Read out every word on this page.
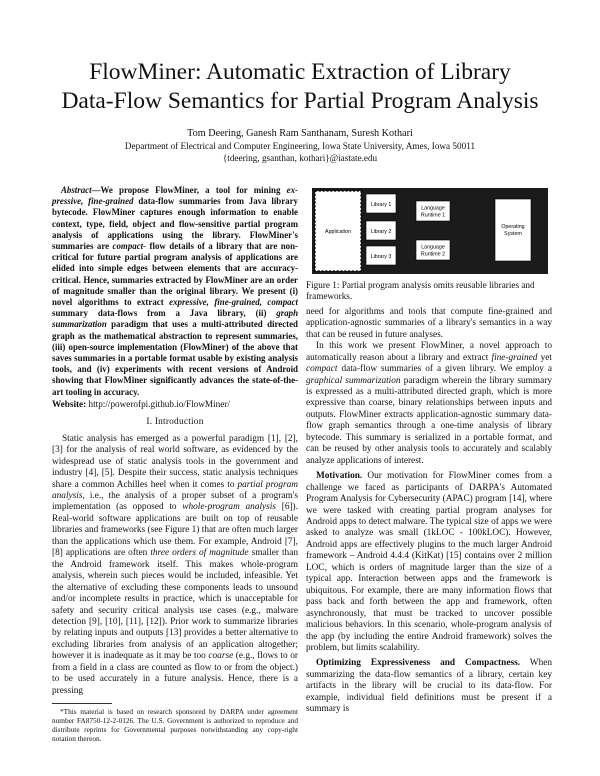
FlowMiner: Automatic Extraction of Library
Data-Flow Semantics for Partial Program Analysis
Tom Deering, Ganesh Ram Santhanam, Suresh Kothari
Department of Electrical and Computer Engineering, Iowa State University, Ames, Iowa 50011
{tdeering, gsanthan, kothari}@iastate.edu

Abstract—We propose FlowMiner, a tool for mining ex-pressive, fine-grained data-flow summaries from Java library bytecode. FlowMiner captures enough information to enable context, type, field, object and flow-sensitive partial program analysis of applications using the library. FlowMiner's summaries are compact- flow details of a library that are non-critical for future partial program analysis of applications are elided into simple edges between elements that are accuracy-critical. Hence, summaries extracted by FlowMiner are an order of magnitude smaller than the original library. We present (i) novel algorithms to extract expressive, fine-grained, compact summary data-flows from a Java library, (ii) graph summarization paradigm that uses a multi-attributed directed graph as the mathematical abstraction to represent summaries, (iii) open-source implementation (FlowMiner) of the above that saves summaries in a portable format usable by existing analysis tools, and (iv) experiments with recent versions of Android showing that FlowMiner significantly advances the state-of-the-art tooling in accuracy.

Website: http://powerofpi.github.io/FlowMiner/

I. Introduction

Static analysis has emerged as a powerful paradigm [1], [2], [3] for the analysis of real world software, as evidenced by the widespread use of static analysis tools in the government and industry [4], [5]. Despite their success, static analysis techniques share a common Achilles heel when it comes to partial program analysis, i.e., the analysis of a proper subset of a program's implementation (as opposed to whole-program analysis [6]). Real-world software applications are built on top of reusable libraries and frameworks (see Figure 1) that are often much larger than the applications which use them. For example, Android [7], [8] applications are often three orders of magnitude smaller than the Android framework itself. This makes whole-program analysis, wherein such pieces would be included, infeasible. Yet the alternative of excluding these components leads to unsound and/or incomplete results in practice, which is unacceptable for safety and security critical analysis use cases (e.g., malware detection [9], [10], [11], [12]). Prior work to summarize libraries by relating inputs and outputs [13] provides a better alternative to excluding libraries from analysis of an application altogether; however it is inadequate as it may be too coarse (e.g., flows to or from a field in a class are counted as flow to or from the object.) to be used accurately in a future analysis. Hence, there is a pressing

*This material is based on research sponsored by DARPA under agreement number FA8750-12-2-0126. The U.S. Government is authorized to reproduce and distribute reprints for Governmental purposes notwithstanding any copy-right notation thereon.

Application
Library 1
Library 2
Library 3
Language
Runtime 1
Language
Runtime 2
Operating
System

Figure 1: Partial program analysis omits reusable libraries and frameworks.

need for algorithms and tools that compute fine-grained and application-agnostic summaries of a library's semantics in a way that can be reused in future analyses.

In this work we present FlowMiner, a novel approach to automatically reason about a library and extract fine-grained yet compact data-flow summaries of a given library. We employ a graphical summarization paradigm wherein the library summary is expressed as a multi-attributed directed graph, which is more expressive than coarse, binary relationships between inputs and outputs. FlowMiner extracts application-agnostic summary data-flow graph semantics through a one-time analysis of library bytecode. This summary is serialized in a portable format, and can be reused by other analysis tools to accurately and scalably analyze applications of interest.

Motivation. Our motivation for FlowMiner comes from a challenge we faced as participants of DARPA's Automated Program Analysis for Cybersecurity (APAC) program [14], where we were tasked with creating partial program analyses for Android apps to detect malware. The typical size of apps we were asked to analyze was small (1kLOC - 100kLOC). However, Android apps are effectively plugins to the much larger Android framework – Android 4.4.4 (KitKat) [15] contains over 2 million LOC, which is orders of magnitude larger than the size of a typical app. Interaction between apps and the framework is ubiquitous. For example, there are many information flows that pass back and forth between the app and framework, often asynchronously, that must be tracked to uncover possible malicious behaviors. In this scenario, whole-program analysis of the app (by including the entire Android framework) solves the problem, but limits scalability.

Optimizing Expressiveness and Compactness. When summarizing the data-flow semantics of a library, certain key artifacts in the library will be crucial to its data-flow. For example, individual field definitions must be present if a summary is
